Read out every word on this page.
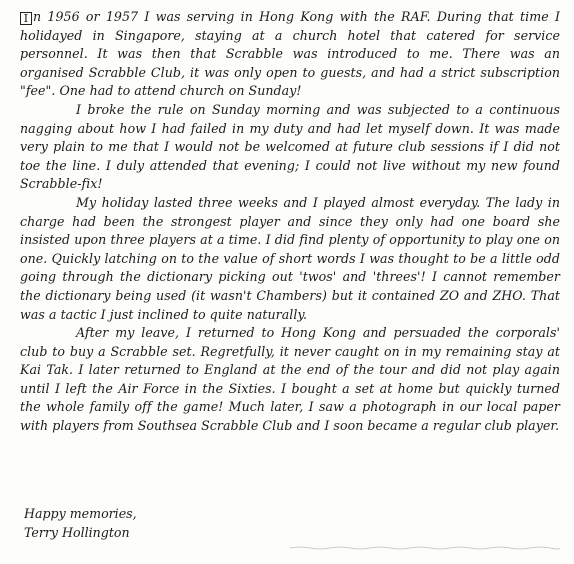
I n 1956 or 1957 I was serving in Hong Kong with the RAF. During that time I holidayed in Singapore, staying at a church hotel that catered for service personnel. It was then that Scrabble was introduced to me. There was an organised Scrabble Club, it was only open to guests, and had a strict subscription "fee". One had to attend church on Sunday!

I broke the rule on Sunday morning and was subjected to a continuous nagging about how I had failed in my duty and had let myself down. It was made very plain to me that I would not be welcomed at future club sessions if I did not toe the line. I duly attended that evening; I could not live without my new found Scrabble-fix!

My holiday lasted three weeks and I played almost everyday. The lady in charge had been the strongest player and since they only had one board she insisted upon three players at a time. I did find plenty of opportunity to play one on one. Quickly latching on to the value of short words I was thought to be a little odd going through the dictionary picking out 'twos' and 'threes'! I cannot remember the dictionary being used (it wasn't Chambers) but it contained ZO and ZHO. That was a tactic I just inclined to quite naturally.

After my leave, I returned to Hong Kong and persuaded the corporals' club to buy a Scrabble set. Regretfully, it never caught on in my remaining stay at Kai Tak. I later returned to England at the end of the tour and did not play again until I left the Air Force in the Sixties. I bought a set at home but quickly turned the whole family off the game! Much later, I saw a photograph in our local paper with players from Southsea Scrabble Club and I soon became a regular club player.

Happy memories,
Terry Hollington
